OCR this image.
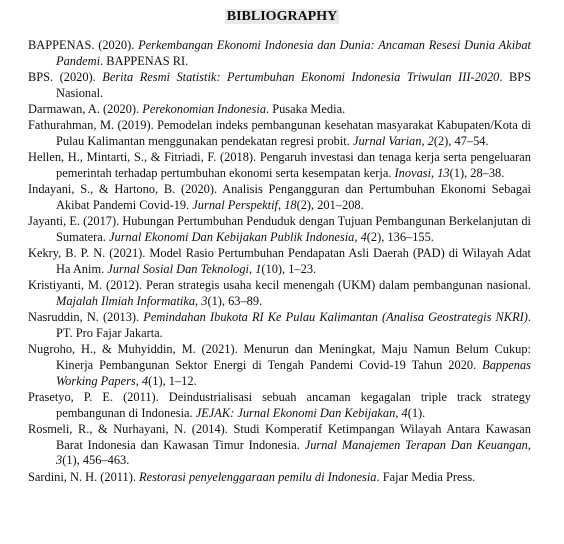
BIBLIOGRAPHY

BAPPENAS. (2020). Perkembangan Ekonomi Indonesia dan Dunia: Ancaman Resesi Dunia Akibat Pandemi. BAPPENAS RI.

BPS. (2020). Berita Resmi Statistik: Pertumbuhan Ekonomi Indonesia Triwulan III-2020. BPS Nasional.

Darmawan, A. (2020). Perekonomian Indonesia. Pusaka Media.

Fathurahman, M. (2019). Pemodelan indeks pembangunan kesehatan masyarakat Kabupaten/Kota di Pulau Kalimantan menggunakan pendekatan regresi probit. Jurnal Varian, 2(2), 47–54.

Hellen, H., Mintarti, S., & Fitriadi, F. (2018). Pengaruh investasi dan tenaga kerja serta pengeluaran pemerintah terhadap pertumbuhan ekonomi serta kesempatan kerja. Inovasi, 13(1), 28–38.

Indayani, S., & Hartono, B. (2020). Analisis Pengangguran dan Pertumbuhan Ekonomi Sebagai Akibat Pandemi Covid-19. Jurnal Perspektif, 18(2), 201–208.

Jayanti, E. (2017). Hubungan Pertumbuhan Penduduk dengan Tujuan Pembangunan Berkelanjutan di Sumatera. Jurnal Ekonomi Dan Kebijakan Publik Indonesia, 4(2), 136–155.

Kekry, B. P. N. (2021). Model Rasio Pertumbuhan Pendapatan Asli Daerah (PAD) di Wilayah Adat Ha Anim. Jurnal Sosial Dan Teknologi, 1(10), 1–23.

Kristiyanti, M. (2012). Peran strategis usaha kecil menengah (UKM) dalam pembangunan nasional. Majalah Ilmiah Informatika, 3(1), 63–89.

Nasruddin, N. (2013). Pemindahan Ibukota RI Ke Pulau Kalimantan (Analisa Geostrategis NKRI). PT. Pro Fajar Jakarta.

Nugroho, H., & Muhyiddin, M. (2021). Menurun dan Meningkat, Maju Namun Belum Cukup: Kinerja Pembangunan Sektor Energi di Tengah Pandemi Covid-19 Tahun 2020. Bappenas Working Papers, 4(1), 1–12.

Prasetyo, P. E. (2011). Deindustrialisasi sebuah ancaman kegagalan triple track strategy pembangunan di Indonesia. JEJAK: Jurnal Ekonomi Dan Kebijakan, 4(1).

Rosmeli, R., & Nurhayani, N. (2014). Studi Komperatif Ketimpangan Wilayah Antara Kawasan Barat Indonesia dan Kawasan Timur Indonesia. Jurnal Manajemen Terapan Dan Keuangan, 3(1), 456–463.

Sardini, N. H. (2011). Restorasi penyelenggaraan pemilu di Indonesia. Fajar Media Press.
